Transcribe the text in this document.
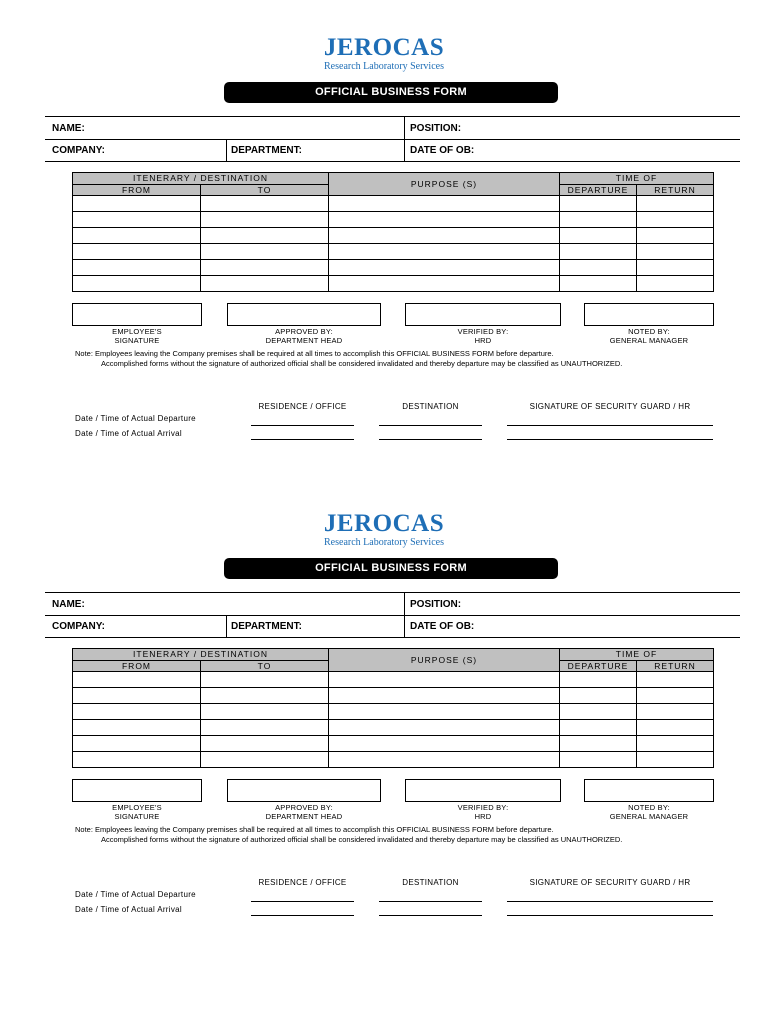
JEROCAS
Research Laboratory Services
OFFICIAL BUSINESS FORM
NAME:	POSITION:
COMPANY:	DEPARTMENT:	DATE OF OB:
ITENERARY / DESTINATION		PURPOSE (S)	TIME OF	
FROM	TO		DEPARTURE	RETURN

EMPLOYEE'S
SIGNATURE
APPROVED BY:
DEPARTMENT HEAD
VERIFIED BY:
HRD
NOTED BY:
GENERAL MANAGER
Note: Employees leaving the Company premises shall be required at all times to accomplish this OFFICIAL BUSINESS FORM before departure.
Accomplished forms without the signature of authorized official shall be considered invalidated and thereby departure may be classified as UNAUTHORIZED.
RESIDENCE / OFFICE	DESTINATION	SIGNATURE OF SECURITY GUARD / HR
Date / Time of Actual Departure
Date / Time of Actual Arrival
JEROCAS
Research Laboratory Services
OFFICIAL BUSINESS FORM
NAME:	POSITION:
COMPANY:	DEPARTMENT:	DATE OF OB:
ITENERARY / DESTINATION		PURPOSE (S)	TIME OF	
FROM	TO		DEPARTURE	RETURN

EMPLOYEE'S
SIGNATURE
APPROVED BY:
DEPARTMENT HEAD
VERIFIED BY:
HRD
NOTED BY:
GENERAL MANAGER
Note: Employees leaving the Company premises shall be required at all times to accomplish this OFFICIAL BUSINESS FORM before departure.
Accomplished forms without the signature of authorized official shall be considered invalidated and thereby departure may be classified as UNAUTHORIZED.
RESIDENCE / OFFICE	DESTINATION	SIGNATURE OF SECURITY GUARD / HR
Date / Time of Actual Departure
Date / Time of Actual Arrival
